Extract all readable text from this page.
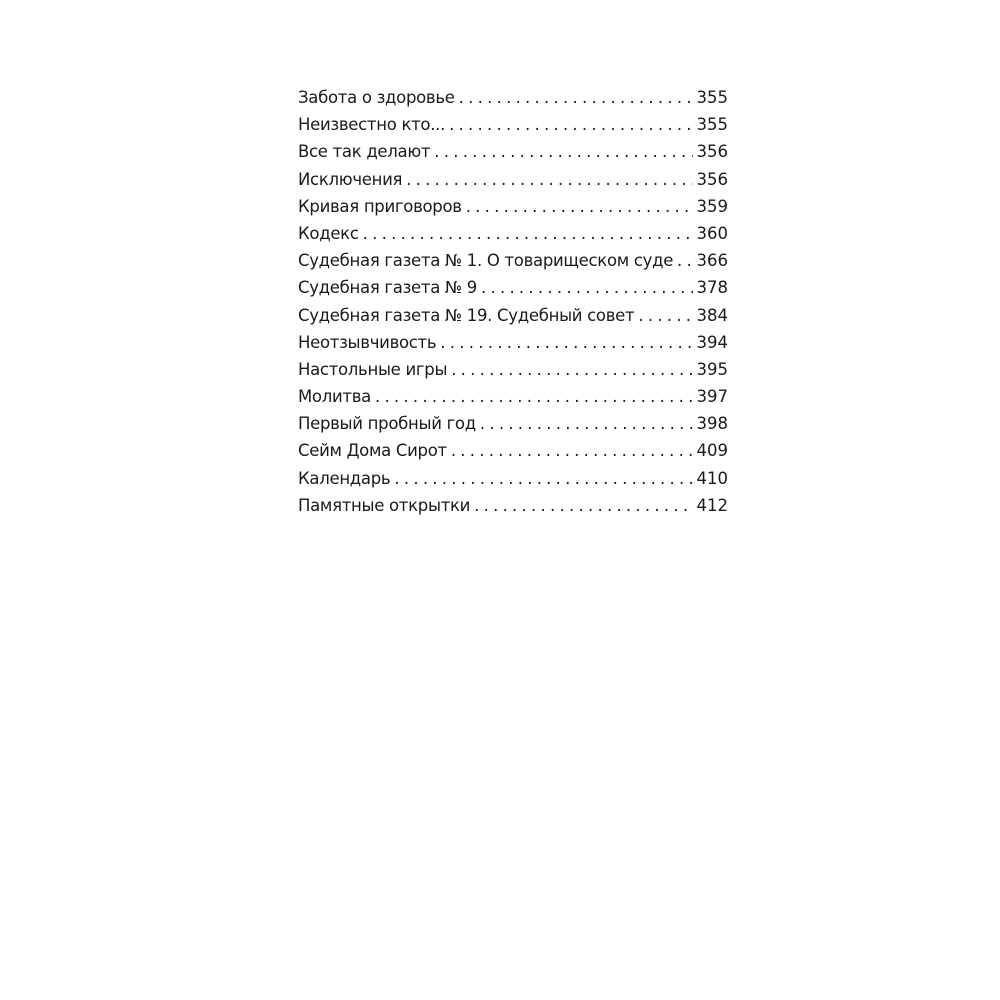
Забота о здоровье . . .	355
Неизвестно кто... . . .	355
Все так делают . . .	356
Исключения . . .	356
Кривая приговоров . . .	359
Кодекс . . .	360
Судебная газета № 1. О товарищеском суде . . . 366
Судебная газета № 9 . . .	378
Судебная газета № 19. Судебный совет . . .	384
Неотзывчивость . . .	394
Настольные игры . . .	395
Молитва . . .	397
Первый пробный год . . .	398
Сейм Дома Сирот . . .	409
Календарь . . .	410
Памятные открытки . . .	412
